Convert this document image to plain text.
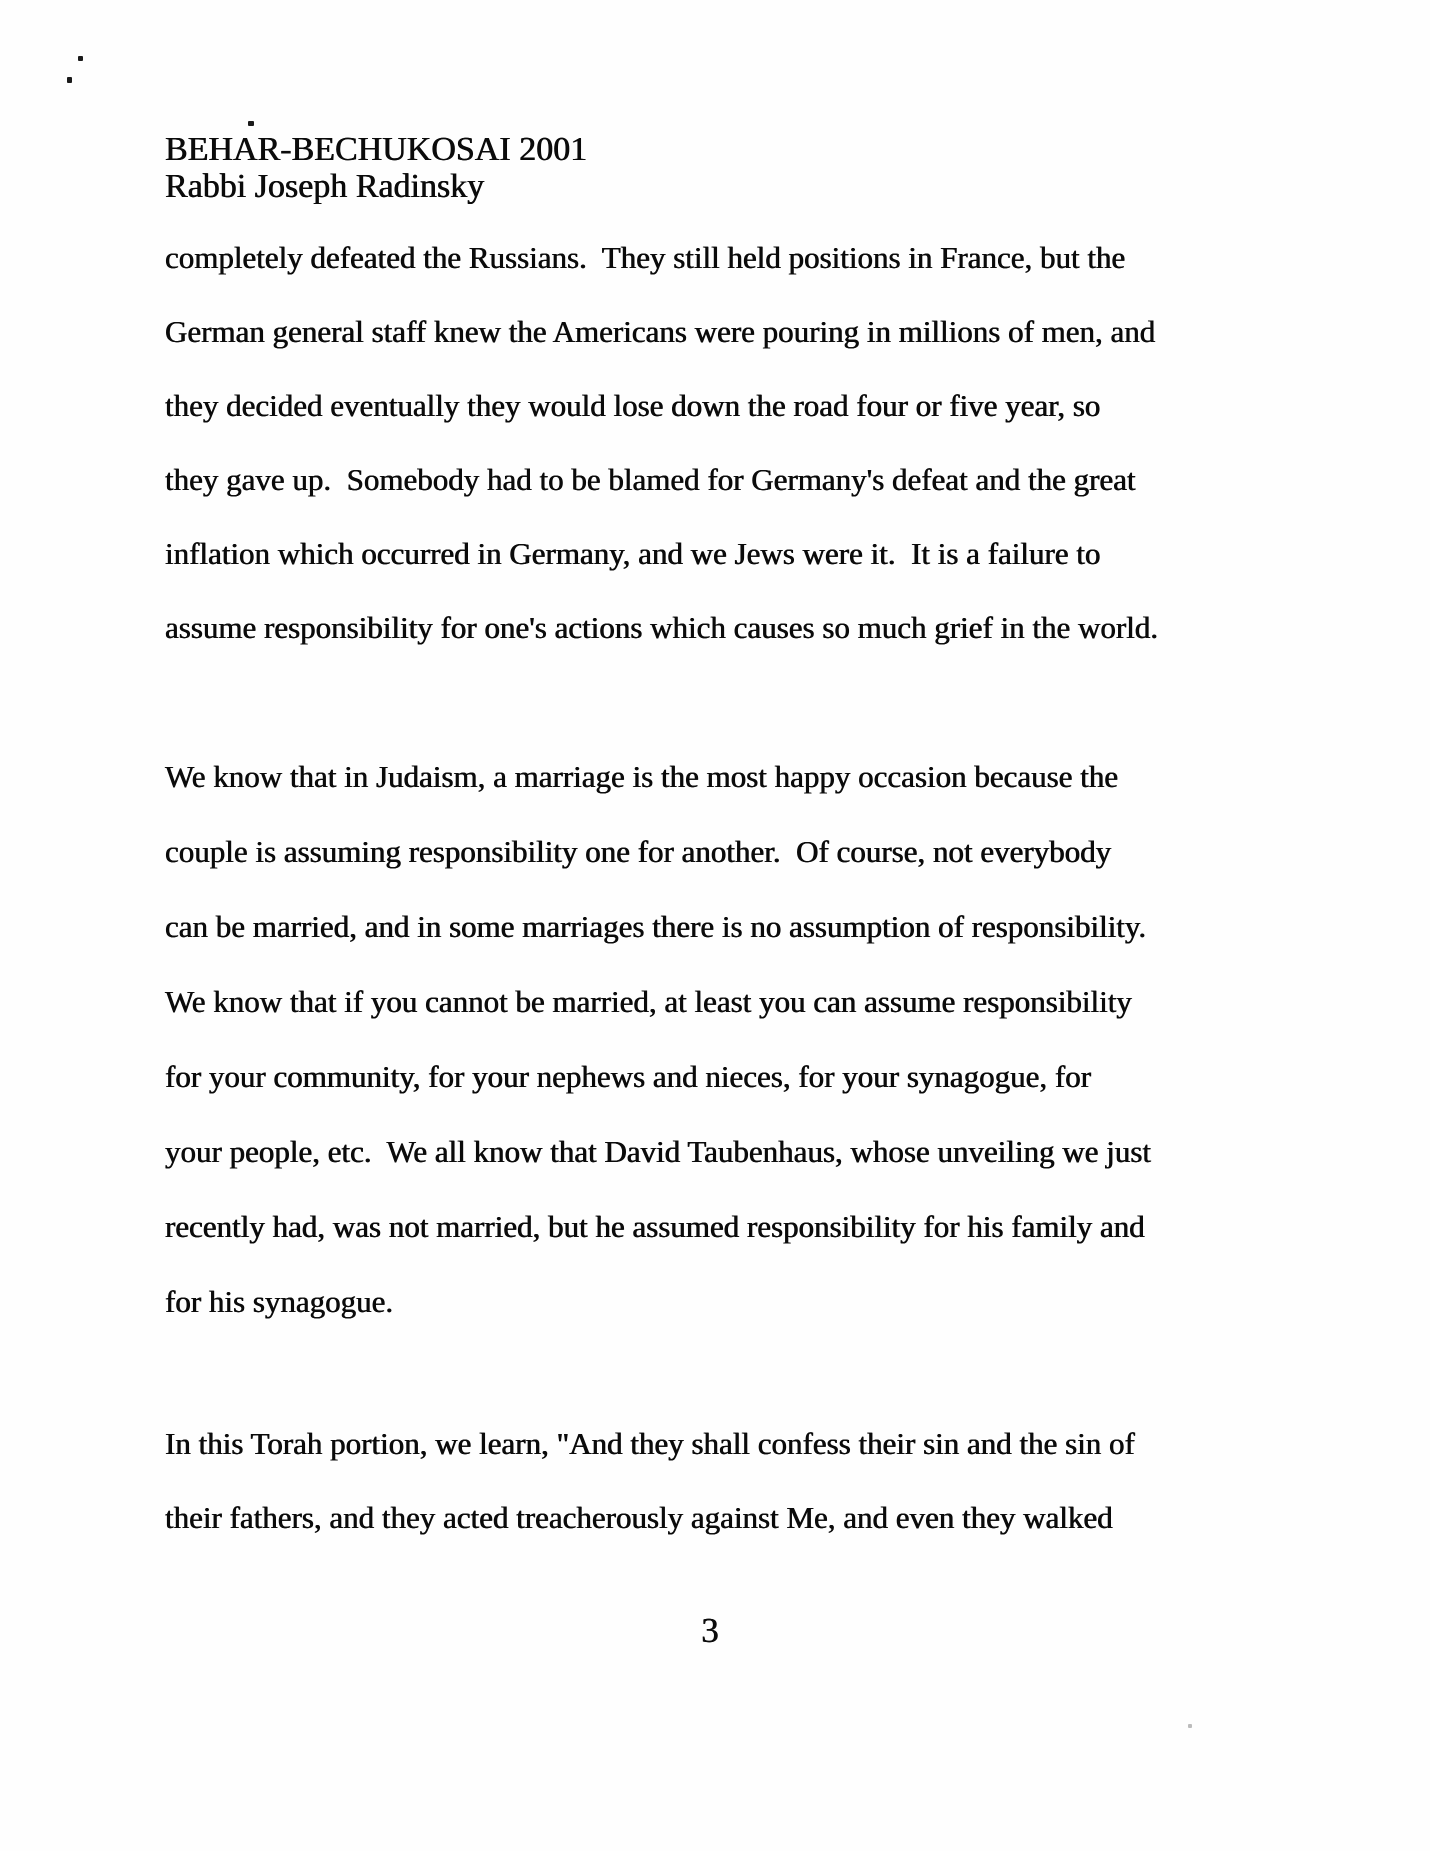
BEHAR-BECHUKOSAI 2001
Rabbi Joseph Radinsky
completely defeated the Russians.  They still held positions in France, but the
German general staff knew the Americans were pouring in millions of men, and
they decided eventually they would lose down the road four or five year, so
they gave up.  Somebody had to be blamed for Germany's defeat and the great
inflation which occurred in Germany, and we Jews were it.  It is a failure to
assume responsibility for one's actions which causes so much grief in the world.
We know that in Judaism, a marriage is the most happy occasion because the
couple is assuming responsibility one for another.  Of course, not everybody
can be married, and in some marriages there is no assumption of responsibility.
We know that if you cannot be married, at least you can assume responsibility
for your community, for your nephews and nieces, for your synagogue, for
your people, etc.  We all know that David Taubenhaus, whose unveiling we just
recently had, was not married, but he assumed responsibility for his family and
for his synagogue.
In this Torah portion, we learn, "And they shall confess their sin and the sin of
their fathers, and they acted treacherously against Me, and even they walked
3
